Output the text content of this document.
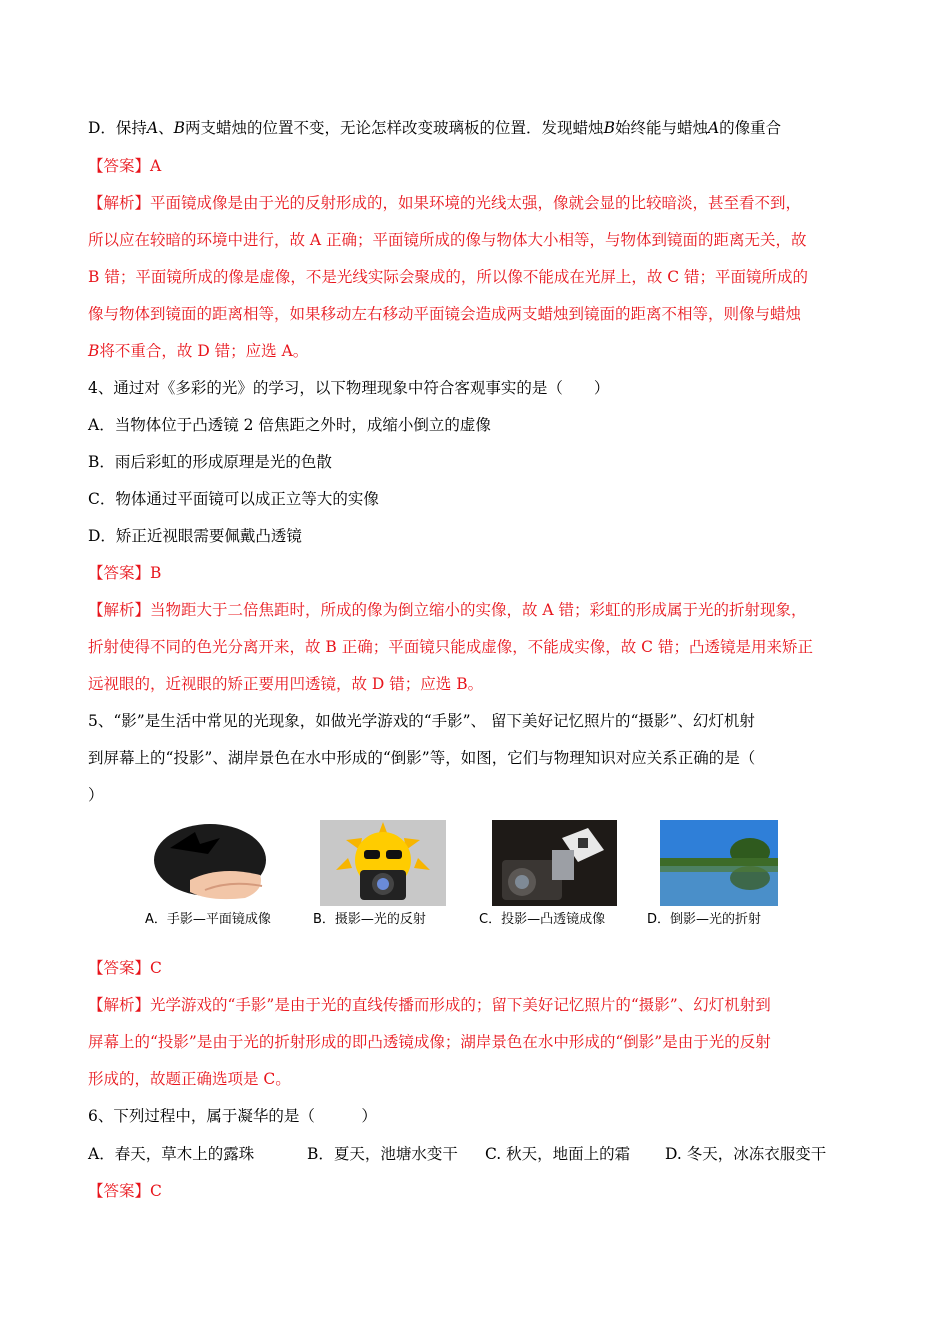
D．保持A、B两支蜡烛的位置不变，无论怎样改变玻璃板的位置．发现蜡烛B始终能与蜡烛A的像重合
【答案】A
【解析】平面镜成像是由于光的反射形成的，如果环境的光线太强，像就会显的比较暗淡，甚至看不到，
所以应在较暗的环境中进行，故 A 正确；平面镜所成的像与物体大小相等，与物体到镜面的距离无关，故
B 错；平面镜所成的像是虚像，不是光线实际会聚成的，所以像不能成在光屏上，故 C 错；平面镜所成的
像与物体到镜面的距离相等，如果移动左右移动平面镜会造成两支蜡烛到镜面的距离不相等，则像与蜡烛
B将不重合，故 D 错；应选 A。
4、通过对《多彩的光》的学习，以下物理现象中符合客观事实的是（　　）
A．当物体位于凸透镜 2 倍焦距之外时，成缩小倒立的虚像
B．雨后彩虹的形成原理是光的色散
C．物体通过平面镜可以成正立等大的实像
D．矫正近视眼需要佩戴凸透镜
【答案】B
【解析】当物距大于二倍焦距时，所成的像为倒立缩小的实像，故 A 错；彩虹的形成属于光的折射现象，
折射使得不同的色光分离开来，故 B 正确；平面镜只能成虚像，不能成实像，故 C 错；凸透镜是用来矫正
远视眼的，近视眼的矫正要用凹透镜，故 D 错；应选 B。
5、“影”是生活中常见的光现象，如做光学游戏的“手影”、 留下美好记忆照片的“摄影”、幻灯机射
到屏幕上的“投影”、湖岸景色在水中形成的“倒影”等，如图，它们与物理知识对应关系正确的是（
）
A．手影—平面镜成像	B．摄影—光的反射	C．投影—凸透镜成像	D．倒影—光的折射
【答案】C
【解析】光学游戏的“手影”是由于光的直线传播而形成的；留下美好记忆照片的“摄影”、幻灯机射到
屏幕上的“投影”是由于光的折射形成的即凸透镜成像；湖岸景色在水中形成的“倒影”是由于光的反射
形成的，故题正确选项是 C。
6、下列过程中，属于凝华的是（　　　）
A．春天，草木上的露珠	B．夏天，池塘水变干 C. 秋天，地面上的霜 D. 冬天，冰冻衣服变干
【答案】C
